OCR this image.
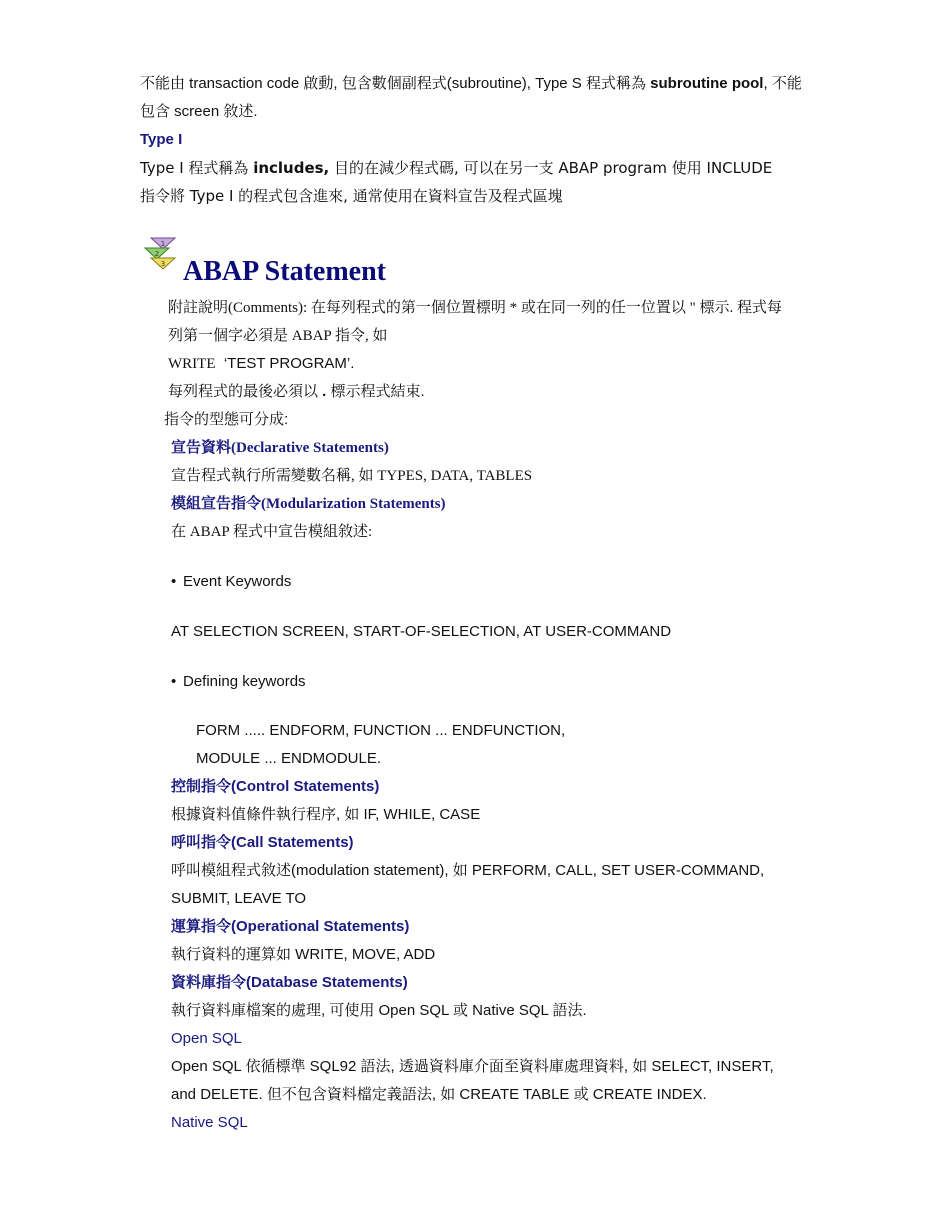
不能由 transaction code 啟動, 包含數個副程式(subroutine), Type S 程式稱為 subroutine pool, 不能
包含 screen 敘述.
Type I
Type I 程式稱為 includes, 目的在減少程式碼, 可以在另一支 ABAP program 使用 INCLUDE
指令將 Type I 的程式包含進來, 通常使用在資料宣告及程式區塊
1
2
3 ABAP Statement
附註說明(Comments): 在每列程式的第一個位置標明 * 或在同一列的任一位置以 " 標示. 程式每
列第一個字必須是 ABAP 指令, 如
WRITE ‘TEST PROGRAM’.
每列程式的最後必須以 . 標示程式結束.
指令的型態可分成:
宣告資料(Declarative Statements)
宣告程式執行所需變數名稱, 如 TYPES, DATA, TABLES
模組宣告指令(Modularization Statements)
在 ABAP 程式中宣告模組敘述:
• Event Keywords
AT SELECTION SCREEN, START-OF-SELECTION, AT USER-COMMAND
• Defining keywords
FORM ..... ENDFORM, FUNCTION ... ENDFUNCTION,
MODULE ... ENDMODULE.
控制指令(Control Statements)
根據資料值條件執行程序, 如 IF, WHILE, CASE
呼叫指令(Call Statements)
呼叫模組程式敘述(modulation statement), 如 PERFORM, CALL, SET USER-COMMAND,
SUBMIT, LEAVE TO
運算指令(Operational Statements)
執行資料的運算如 WRITE, MOVE, ADD
資料庫指令(Database Statements)
執行資料庫檔案的處理, 可使用 Open SQL 或 Native SQL 語法.
Open SQL
Open SQL 依循標準 SQL92 語法, 透過資料庫介面至資料庫處理資料, 如 SELECT, INSERT,
and DELETE. 但不包含資料檔定義語法, 如 CREATE TABLE 或 CREATE INDEX.
Native SQL
